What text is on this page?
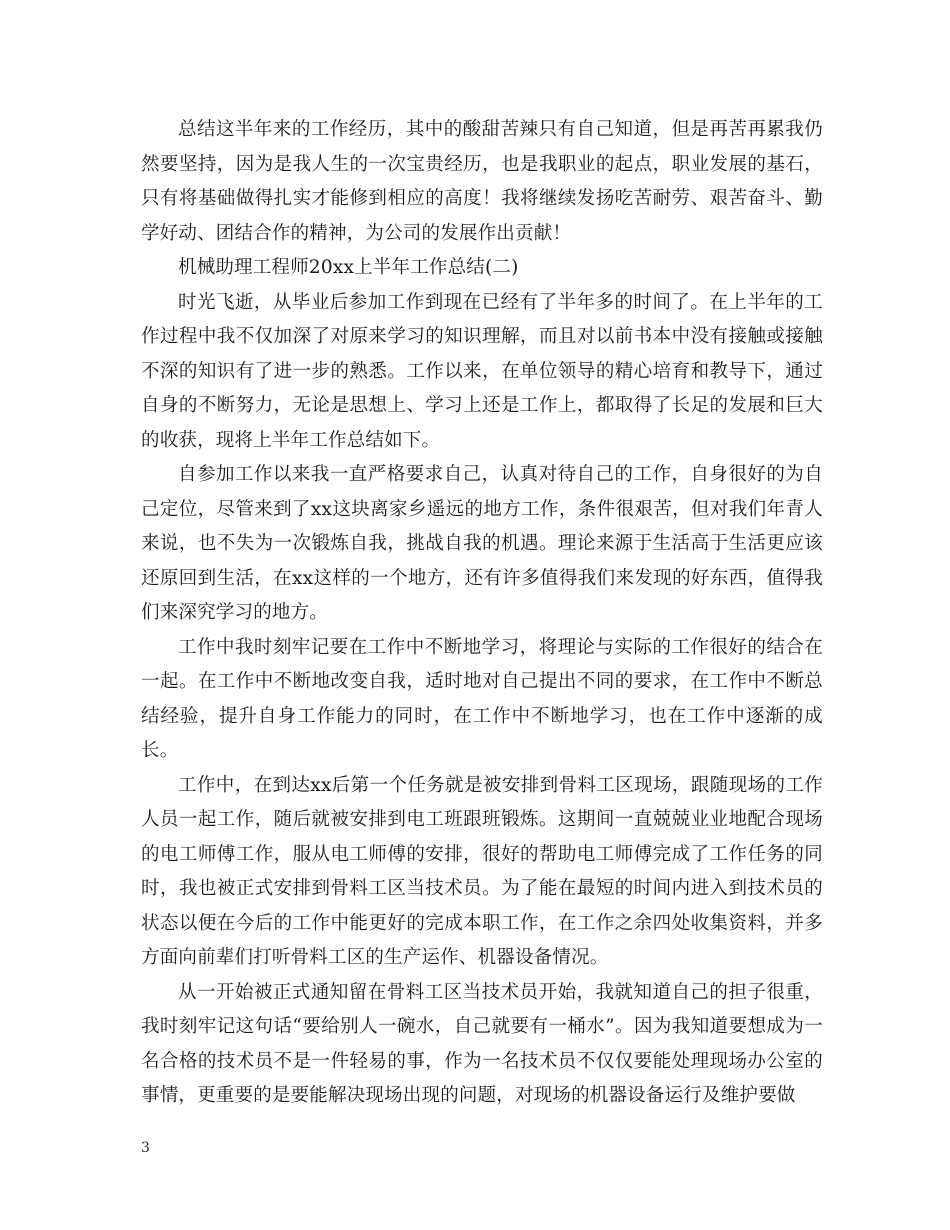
总结这半年来的工作经历，其中的酸甜苦辣只有自己知道，但是再苦再累我仍然要坚持，因为是我人生的一次宝贵经历，也是我职业的起点，职业发展的基石，只有将基础做得扎实才能修到相应的高度！我将继续发扬吃苦耐劳、艰苦奋斗、勤学好动、团结合作的精神，为公司的发展作出贡献！

机械助理工程师20xx上半年工作总结(二)

时光飞逝，从毕业后参加工作到现在已经有了半年多的时间了。在上半年的工作过程中我不仅加深了对原来学习的知识理解，而且对以前书本中没有接触或接触不深的知识有了进一步的熟悉。工作以来，在单位领导的精心培育和教导下，通过自身的不断努力，无论是思想上、学习上还是工作上，都取得了长足的发展和巨大的收获，现将上半年工作总结如下。

自参加工作以来我一直严格要求自己，认真对待自己的工作，自身很好的为自己定位，尽管来到了xx这块离家乡遥远的地方工作，条件很艰苦，但对我们年青人来说，也不失为一次锻炼自我，挑战自我的机遇。理论来源于生活高于生活更应该还原回到生活，在xx这样的一个地方，还有许多值得我们来发现的好东西，值得我们来深究学习的地方。

工作中我时刻牢记要在工作中不断地学习，将理论与实际的工作很好的结合在一起。在工作中不断地改变自我，适时地对自己提出不同的要求，在工作中不断总结经验，提升自身工作能力的同时，在工作中不断地学习，也在工作中逐渐的成长。

工作中，在到达xx后第一个任务就是被安排到骨料工区现场，跟随现场的工作人员一起工作，随后就被安排到电工班跟班锻炼。这期间一直兢兢业业地配合现场的电工师傅工作，服从电工师傅的安排，很好的帮助电工师傅完成了工作任务的同时，我也被正式安排到骨料工区当技术员。为了能在最短的时间内进入到技术员的状态以便在今后的工作中能更好的完成本职工作，在工作之余四处收集资料，并多方面向前辈们打听骨料工区的生产运作、机器设备情况。

从一开始被正式通知留在骨料工区当技术员开始，我就知道自己的担子很重，我时刻牢记这句话“要给别人一碗水，自己就要有一桶水”。因为我知道要想成为一名合格的技术员不是一件轻易的事，作为一名技术员不仅仅要能处理现场办公室的事情，更重要的是要能解决现场出现的问题，对现场的机器设备运行及维护要做

3
